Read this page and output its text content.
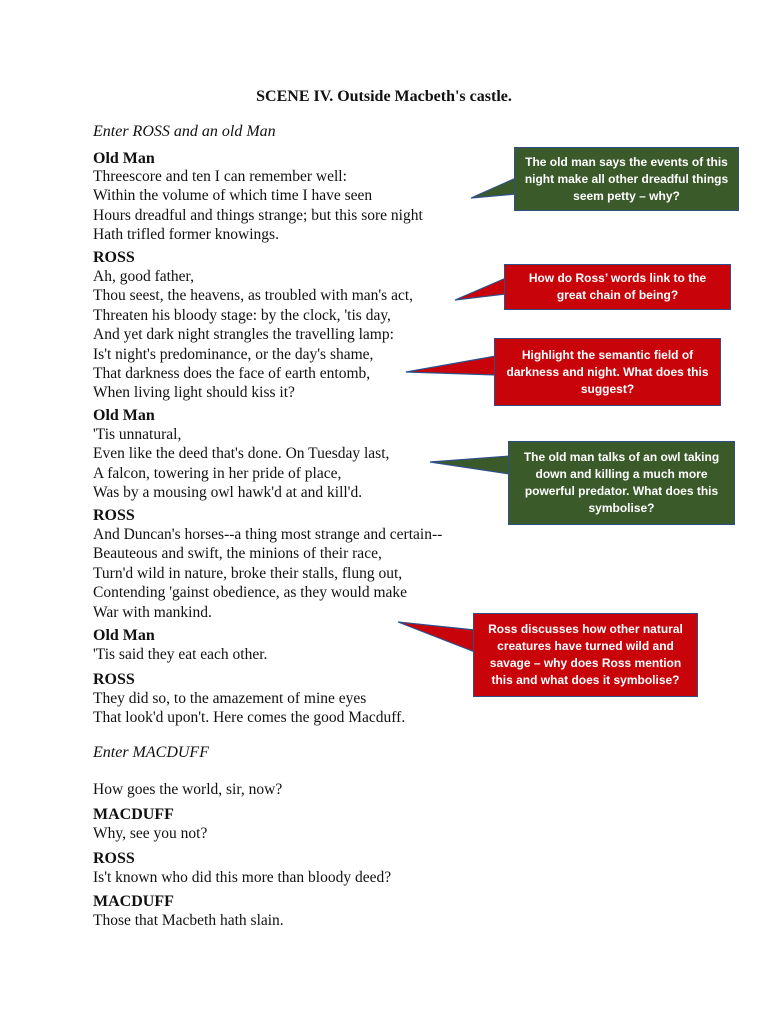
SCENE IV. Outside Macbeth's castle.
Enter ROSS and an old Man
Old Man
Threescore and ten I can remember well:
Within the volume of which time I have seen
Hours dreadful and things strange; but this sore night
Hath trifled former knowings.
ROSS
Ah, good father,
Thou seest, the heavens, as troubled with man's act,
Threaten his bloody stage: by the clock, 'tis day,
And yet dark night strangles the travelling lamp:
Is't night's predominance, or the day's shame,
That darkness does the face of earth entomb,
When living light should kiss it?
Old Man
'Tis unnatural,
Even like the deed that's done. On Tuesday last,
A falcon, towering in her pride of place,
Was by a mousing owl hawk'd at and kill'd.
ROSS
And Duncan's horses--a thing most strange and certain--
Beauteous and swift, the minions of their race,
Turn'd wild in nature, broke their stalls, flung out,
Contending 'gainst obedience, as they would make
War with mankind.
Old Man
'Tis said they eat each other.
ROSS
They did so, to the amazement of mine eyes
That look'd upon't. Here comes the good Macduff.
Enter MACDUFF
How goes the world, sir, now?
MACDUFF
Why, see you not?
ROSS
Is't known who did this more than bloody deed?
MACDUFF
Those that Macbeth hath slain.
The old man says the events of this night make all other dreadful things seem petty – why?
How do Ross’ words link to the great chain of being?
Highlight the semantic field of darkness and night. What does this suggest?
The old man talks of an owl taking down and killing a much more powerful predator. What does this symbolise?
Ross discusses how other natural creatures have turned wild and savage – why does Ross mention this and what does it symbolise?
